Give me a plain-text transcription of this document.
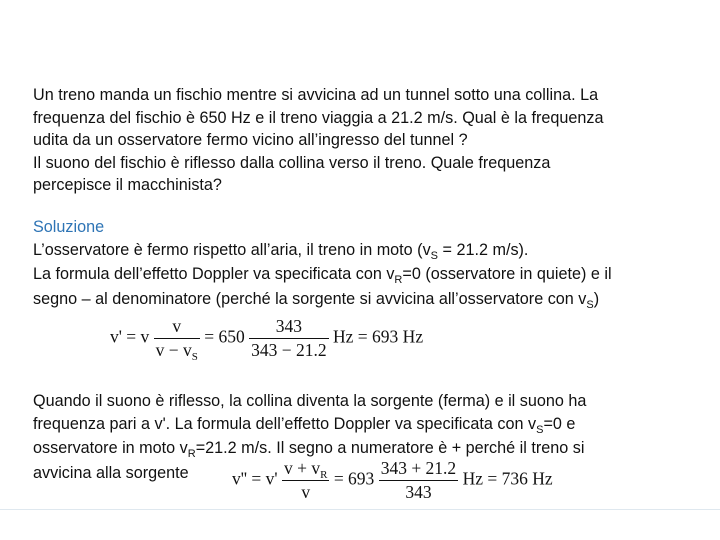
Un treno manda un fischio mentre si avvicina ad un tunnel sotto una collina. La
frequenza del fischio è 650 Hz e il treno viaggia a 21.2 m/s. Qual è la frequenza
udita da un osservatore fermo vicino all’ingresso del tunnel ?
Il suono del fischio è riflesso dalla collina verso il treno. Quale frequenza
percepisce il macchinista?
Soluzione
L’osservatore è fermo rispetto all’aria, il treno in moto ($v_S = 21.2$ m/s).
La formula dell’effetto Doppler va specificata con $v_R=0$ (osservatore in quiete) e il
segno – al denominatore (perché la sorgente si avvicina all’osservatore con $v_S$)
v' = v $\frac{v}{v - v_S} = 650 \frac{343}{343 - 21.2}$ Hz = 693 Hz
Quando il suono è riflesso, la collina diventa la sorgente (ferma) e il suono ha
frequenza pari a v'. La formula dell’effetto Doppler va specificata con $v_S=0$ e
osservatore in moto $v_R=21.2$ m/s. Il segno a numeratore è + perché il treno si
avvicina alla sorgente	$v'' = v' \frac{v + v_R}{v} = 693 \frac{343 + 21.2}{343}$ Hz = 736 Hz
